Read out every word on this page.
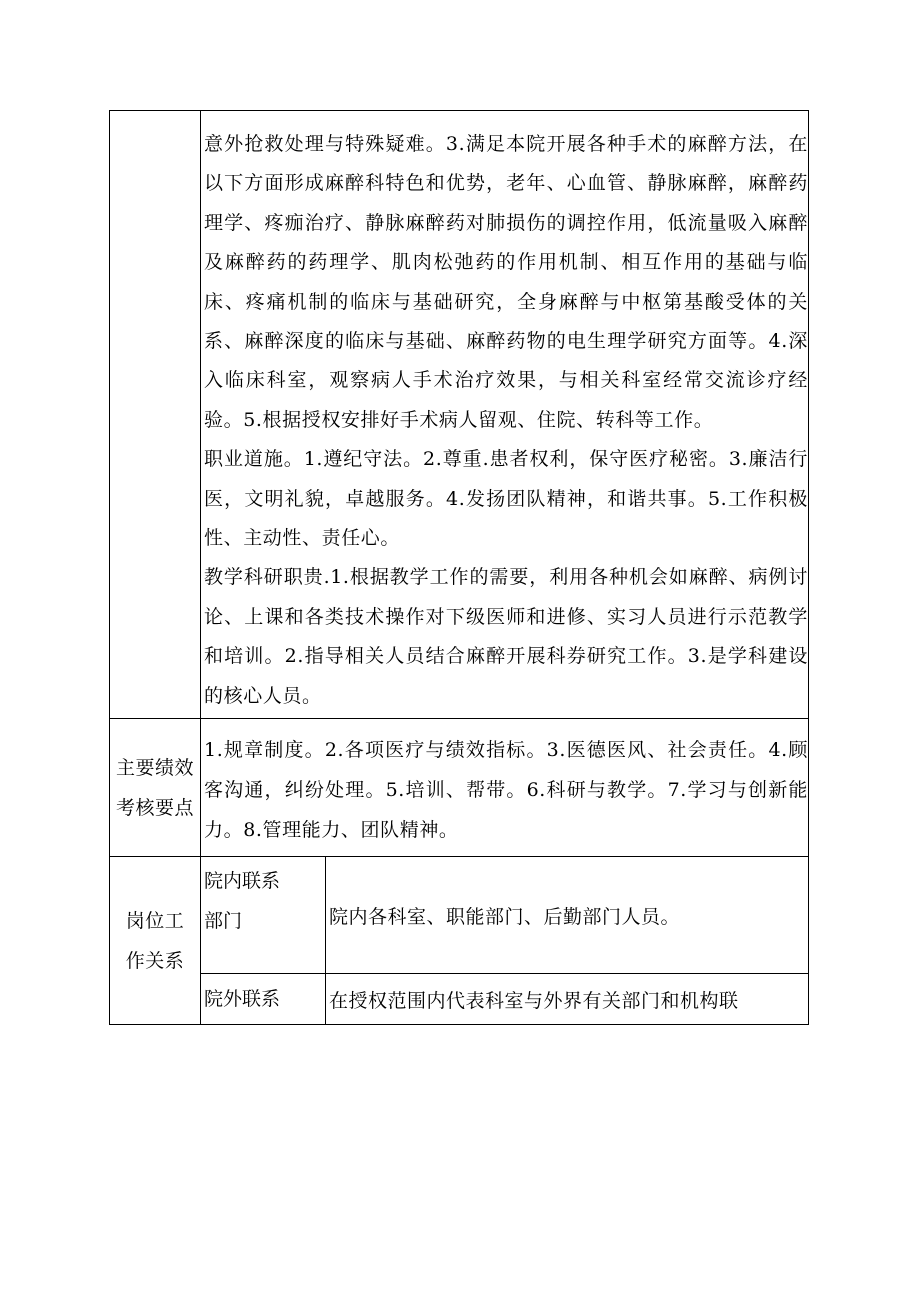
	意外抢救处理与特殊疑难。3.满足本院开展各种手术的麻醉方法，在以下方面形成麻醉科特色和优势，老年、心血管、静脉麻醉，麻醉药理学、疼痂治疗、静脉麻醉药对肺损伤的调控作用，低流量吸入麻醉及麻醉药的药理学、肌肉松弛药的作用机制、相互作用的基础与临床、疼痛机制的临床与基础研究，全身麻醉与中枢第基酸受体的关系、麻醉深度的临床与基础、麻醉药物的电生理学研究方面等。4.深入临床科室，观察病人手术治疗效果，与相关科室经常交流诊疗经验。5.根据授权安排好手术病人留观、住院、转科等工作。

职业道施。1.遵纪守法。2.尊重.患者权利，保守医疗秘密。3.廉洁行医，文明礼貌，卓越服务。4.发扬团队精神，和谐共事。5.工作积极性、主动性、责任心。

教学科研职贵.1.根据教学工作的需要，利用各种机会如麻醉、病例讨论、上课和各类技术操作对下级医师和进修、实习人员进行示范教学和培训。2.指导相关人员结合麻醉开展科券研究工作。3.是学科建设的核心人员。	

主要绩效
考核要点	1.规章制度。2.各项医疗与绩效指标。3.医德医风、社会责任。4.顾客沟通，纠纷处理。5.培训、帮带。6.科研与教学。7.学习与创新能力。8.管理能力、团队精神。	

岗位工
作关系	院内联系
部门	院内各科室、职能部门、后勤部门人员。

	院外联系	在授权范围内代表科室与外界有关部门和机构联
